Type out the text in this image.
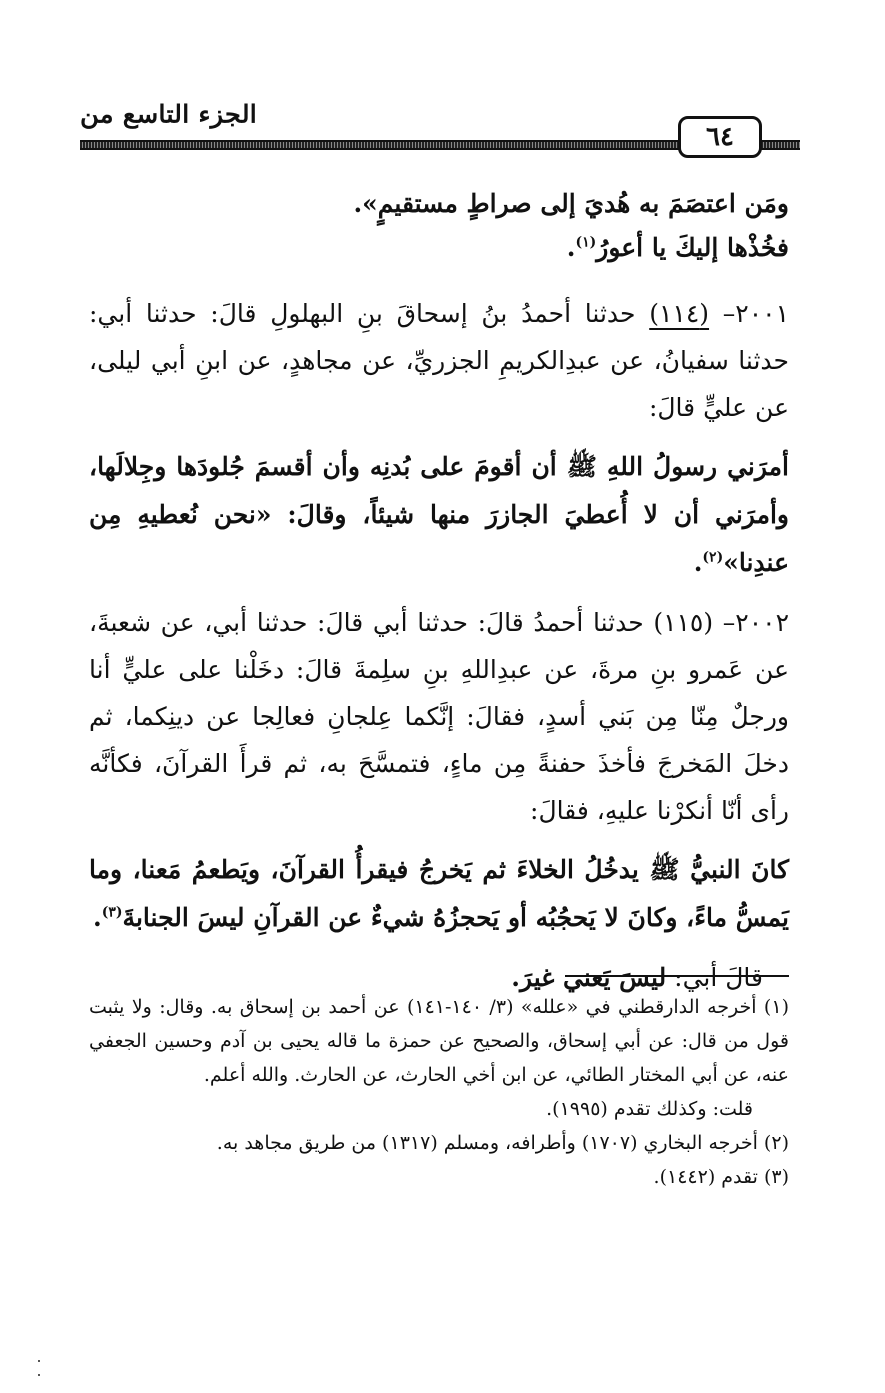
الجزء التاسع من
٦٤

ومَن اعتصَمَ به هُديَ إلى صراطٍ مستقيمٍ».

فخُذْها إليكَ يا أعورُ$^{(١)}$.

٢٠٠١– (١١٤) حدثنا أحمدُ بنُ إسحاقَ بنِ البهلولِ قالَ: حدثنا أبي: حدثنا سفيانُ، عن عبدِالكريمِ الجزريِّ، عن مجاهدٍ، عن ابنِ أبي ليلى، عن عليٍّ قالَ:

أمرَني رسولُ اللهِ ﷺ أن أقومَ على بُدنِه وأن أقسمَ جُلودَها وجِلالَها، وأمرَني أن لا أُعطيَ الجازرَ منها شيئاً، وقالَ: «نحن نُعطيهِ مِن عندِنا»$^{(٢)}$.

٢٠٠٢– (١١٥) حدثنا أحمدُ قالَ: حدثنا أبي قالَ: حدثنا أبي، عن شعبةَ، عن عَمرو بنِ مرةَ، عن عبدِاللهِ بنِ سلِمةَ قالَ: دخَلْنا على عليٍّ أنا ورجلٌ مِنّا مِن بَني أسدٍ، فقالَ: إنَّكما عِلجانِ فعالِجا عن دينِكما، ثم دخلَ المَخرجَ فأخذَ حفنةً مِن ماءٍ، فتمسَّحَ به، ثم قرأَ القرآنَ، فكأنَّه رأى أنّا أنكرْنا عليهِ، فقالَ:

كانَ النبيُّ ﷺ يدخُلُ الخلاءَ ثم يَخرجُ فيقرأُ القرآنَ، ويَطعمُ مَعنا، وما يَمسُّ ماءً، وكانَ لا يَحجُبُه أو يَحجزُهُ شيءٌ عن القرآنِ ليسَ الجنابةَ$^{(٣)}$.

قالَ أبي: ليسَ يَعني غيرَ.

(١) أخرجه الدارقطني في «علله» (٣/ ١٤٠-١٤١) عن أحمد بن إسحاق به. وقال: ولا يثبت قول من قال: عن أبي إسحاق، والصحيح عن حمزة ما قاله يحيى بن آدم وحسين الجعفي عنه، عن أبي المختار الطائي، عن ابن أخي الحارث، عن الحارث. والله أعلم.

قلت: وكذلك تقدم (١٩٩٥).

(٢) أخرجه البخاري (١٧٠٧) وأطرافه، ومسلم (١٣١٧) من طريق مجاهد به.

(٣) تقدم (١٤٤٢).
